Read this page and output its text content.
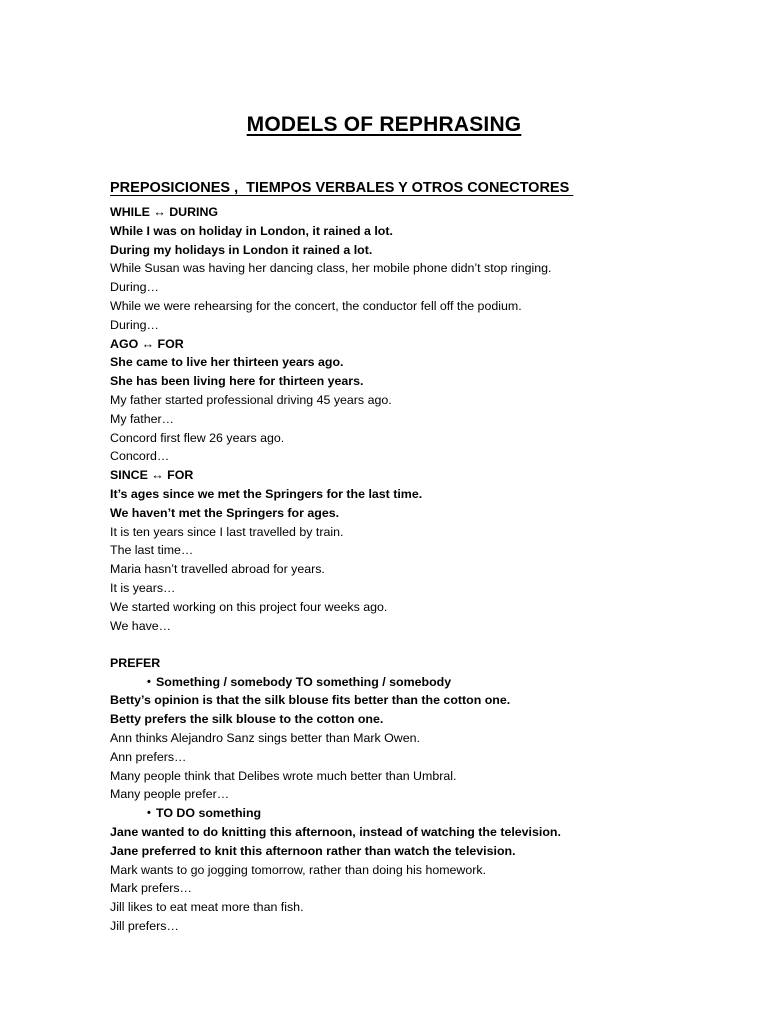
MODELS OF REPHRASING
PREPOSICIONES ,  TIEMPOS VERBALES Y OTROS CONECTORES
WHILE ↔ DURING
While I was on holiday in London, it rained a lot.
During my holidays in London it rained a lot.
While Susan was having her dancing class, her mobile phone didn’t stop ringing.
During…
While we were rehearsing for the concert, the conductor fell off the podium.
During…
AGO ↔ FOR
She came to live her thirteen years ago.
She has been living here for thirteen years.
My father started professional driving 45 years ago.
My father…
Concord first flew 26 years ago.
Concord…
SINCE ↔ FOR
It’s ages since we met the Springers for the last time.
We haven’t met the Springers for ages.
It is ten years since I last travelled by train.
The last time…
Maria hasn’t travelled abroad for years.
It is years…
We started working on this project four weeks ago.
We have…
PREFER
• Something / somebody TO something / somebody
Betty’s opinion is that the silk blouse fits better than the cotton one.
Betty prefers the silk blouse to the cotton one.
Ann thinks Alejandro Sanz sings better than Mark Owen.
Ann prefers…
Many people think that Delibes wrote much better than Umbral.
Many people prefer…
• TO DO something
Jane wanted to do knitting this afternoon, instead of watching the television.
Jane preferred to knit this afternoon rather than watch the television.
Mark wants to go jogging tomorrow, rather than doing his homework.
Mark prefers…
Jill likes to eat meat more than fish.
Jill prefers…
